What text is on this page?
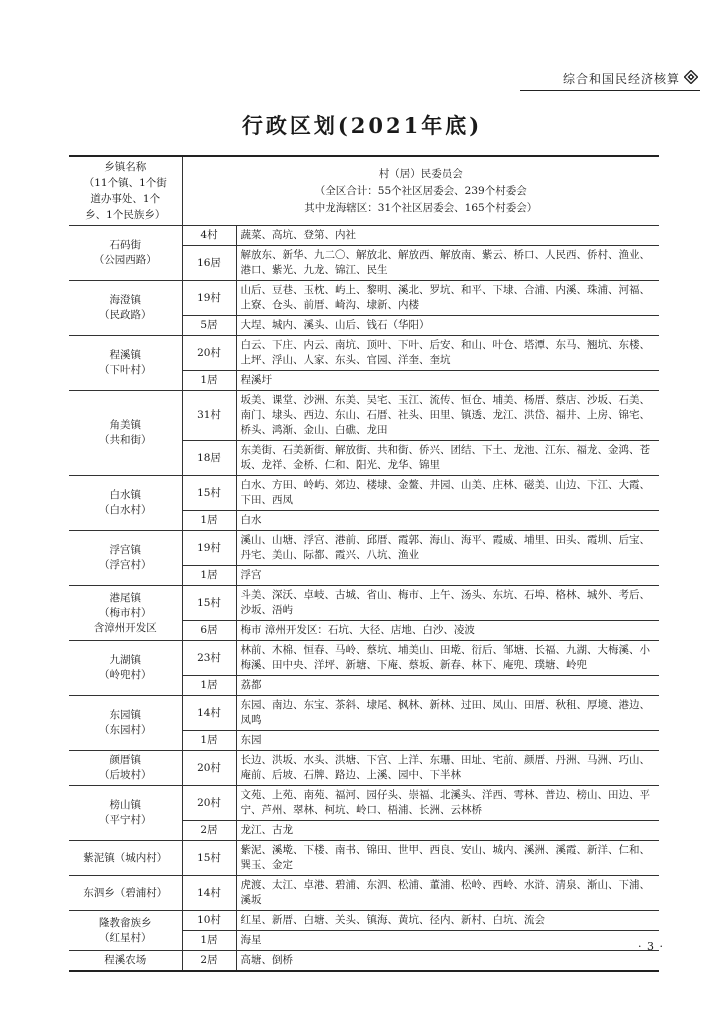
综合和国民经济核算
行政区划(2021年底)
乡镇名称
（11个镇、1个街
道办事处、1个
乡、1个民族乡）	村（居）民委员会
（全区合计：55个社区居委会、239个村委会
其中龙海辖区：31个社区居委会、165个村委会）	

石码街
（公园西路）	4村	蔬菜、高坑、登第、内社
	16居	解放东、新华、九二〇、解放北、解放西、解放南、紫云、桥口、人民西、侨村、渔业、港口、紫光、九龙、锦江、民生

海澄镇
（民政路）	19村	山后、豆巷、玉枕、屿上、黎明、溪北、罗坑、和平、下埭、合浦、内溪、珠浦、河福、上寮、仓头、前厝、崎沟、埭新、内楼
	5居	大埕、城内、溪头、山后、钱石（华阳）

程溪镇
（下叶村）	20村	白云、下庄、内云、南坑、顶叶、下叶、后安、和山、叶仓、塔潭、东马、翘坑、东楼、上坪、浮山、人家、东头、官园、洋奎、奎坑
	1居	程溪圩

角美镇
（共和街）	31村	坂美、课堂、沙洲、东美、吴宅、玉江、流传、恒仓、埔美、杨厝、蔡店、沙坂、石美、南门、埭头、西边、东山、石厝、社头、田里、镇透、龙江、洪岱、福井、上房、锦宅、桥头、鸿渐、金山、白礁、龙田
	18居	东美街、石美新街、解放街、共和街、侨兴、团结、下土、龙池、江东、福龙、金鸿、苍坂、龙祥、金桥、仁和、阳光、龙华、锦里

白水镇
（白水村）	15村	白水、方田、岭屿、郊边、楼埭、金鳌、井园、山美、庄林、磁美、山边、下江、大霞、下田、西凤
	1居	白水

浮宫镇
（浮宫村）	19村	溪山、山塘、浮宫、港前、邱厝、霞郭、海山、海平、霞威、埔里、田头、霞圳、后宝、丹宅、美山、际都、霞兴、八坑、渔业
	1居	浮宫

港尾镇
（梅市村）
含漳州开发区	15村	斗美、深沃、卓岐、古城、省山、梅市、上午、汤头、东坑、石埠、格林、城外、考后、沙坂、浯屿
	6居	梅市 漳州开发区：石坑、大径、店地、白沙、凌波

九湖镇
（岭兜村）	23村	林前、木棉、恒春、马岭、蔡坑、埔美山、田墘、衍后、邹塘、长福、九湖、大梅溪、小梅溪、田中央、洋坪、新塘、下庵、蔡坂、新春、林下、庵兜、璞塘、岭兜
	1居	荔都

东园镇
（东园村）	14村	东园、南边、东宝、茶斜、埭尾、枫林、新林、过田、凤山、田厝、秋租、厚境、港边、凤鸣
	1居	东园

颜厝镇
（后坡村）	20村	长边、洪坂、水头、洪塘、下宫、上洋、东珊、田址、宅前、颜厝、丹洲、马洲、巧山、庵前、后坡、石牌、路边、上溪、园中、下半林

榜山镇
（平宁村）	20村	文苑、上苑、南苑、福河、园仔头、崇福、北溪头、洋西、雩林、普边、榜山、田边、平宁、芦州、翠林、柯坑、岭口、梧浦、长洲、云林桥
	2居	龙江、古龙

紫泥镇（城内村）	15村	紫泥、溪墘、下楼、南书、锦田、世甲、西良、安山、城内、溪洲、溪霞、新洋、仁和、巽玉、金定

东泗乡（碧浦村）	14村	虎渡、太江、卓港、碧浦、东泗、松浦、董浦、松岭、西岭、水浒、清泉、渐山、下浦、溪坂

隆教畲族乡
（红星村）	10村	红星、新厝、白塘、关头、镇海、黄坑、径内、新村、白坑、流会
	1居	海星

程溪农场	2居	高塘、倒桥
· 3 ·
